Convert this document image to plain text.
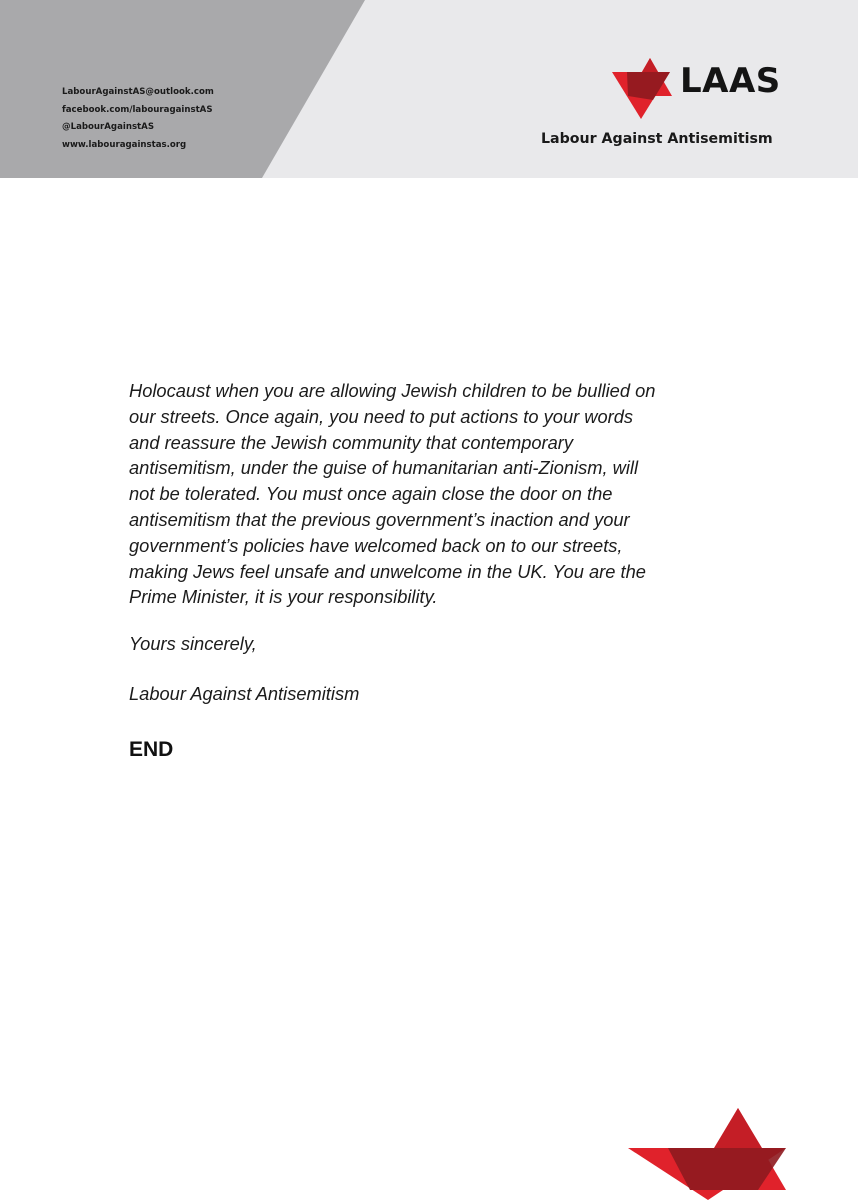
LabourAgainstAS@outlook.com
facebook.com/labouragainstAS
@LabourAgainstAS
www.labouragainstas.org
LAAS
Labour Against Antisemitism

Holocaust when you are allowing Jewish children to be bullied on

our streets. Once again, you need to put actions to your words

and reassure the Jewish community that contemporary

antisemitism, under the guise of humanitarian anti-Zionism, will

not be tolerated. You must once again close the door on the

antisemitism that the previous government’s inaction and your

government’s policies have welcomed back on to our streets,

making Jews feel unsafe and unwelcome in the UK. You are the

Prime Minister, it is your responsibility.

Yours sincerely,
Labour Against Antisemitism
END
